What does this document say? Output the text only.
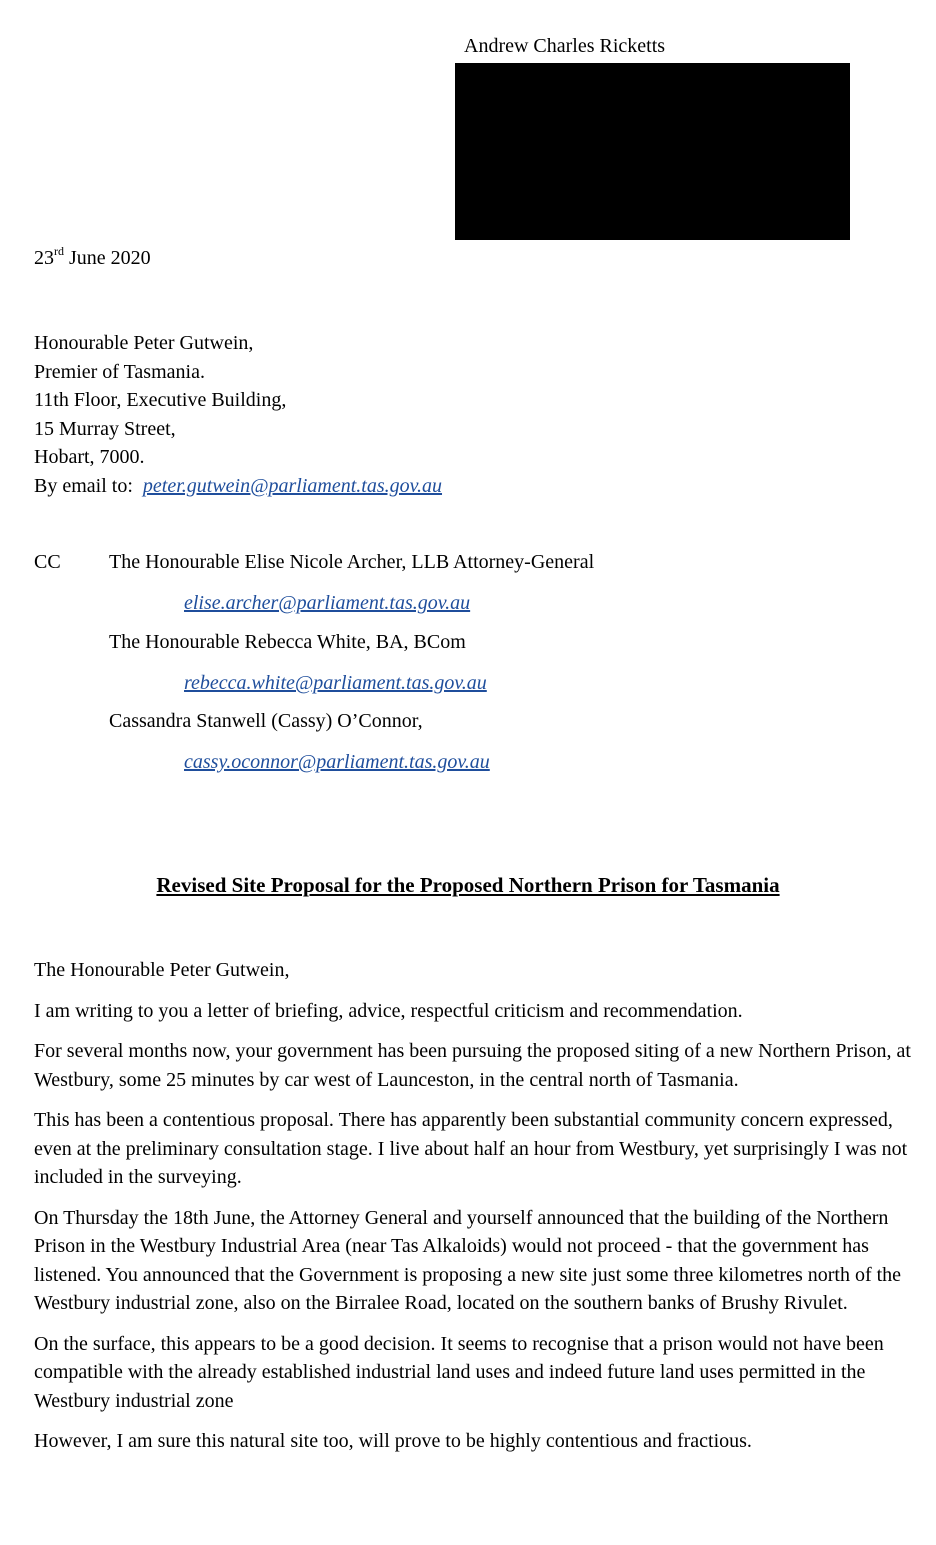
Andrew Charles Ricketts
23rd June 2020
Honourable Peter Gutwein,
Premier of Tasmania.
11th Floor, Executive Building,
15 Murray Street,
Hobart, 7000.
By email to:  peter.gutwein@parliament.tas.gov.au
CC The Honourable Elise Nicole Archer, LLB Attorney-General
elise.archer@parliament.tas.gov.au
The Honourable Rebecca White, BA, BCom
rebecca.white@parliament.tas.gov.au
Cassandra Stanwell (Cassy) O’Connor,
cassy.oconnor@parliament.tas.gov.au
Revised Site Proposal for the Proposed Northern Prison for Tasmania

The Honourable Peter Gutwein,

I am writing to you a letter of briefing, advice, respectful criticism and recommendation.

For several months now, your government has been pursuing the proposed siting of a new Northern Prison, at Westbury, some 25 minutes by car west of Launceston, in the central north of Tasmania.

This has been a contentious proposal. There has apparently been substantial community concern expressed, even at the preliminary consultation stage. I live about half an hour from Westbury, yet surprisingly I was not included in the surveying.

On Thursday the 18th June, the Attorney General and yourself announced that the building of the Northern Prison in the Westbury Industrial Area (near Tas Alkaloids) would not proceed - that the government has listened. You announced that the Government is proposing a new site just some three kilometres north of the Westbury industrial zone, also on the Birralee Road, located on the southern banks of Brushy Rivulet.

On the surface, this appears to be a good decision. It seems to recognise that a prison would not have been compatible with the already established industrial land uses and indeed future land uses permitted in the Westbury industrial zone

However, I am sure this natural site too, will prove to be highly contentious and fractious.
